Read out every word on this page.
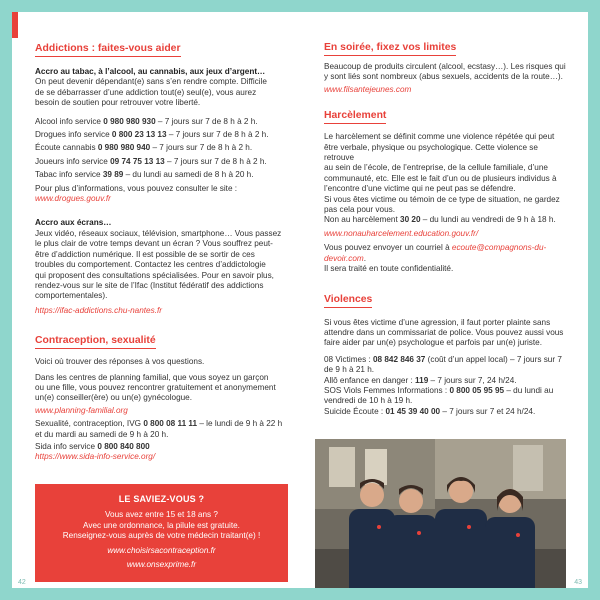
Addictions : faites-vous aider

Accro au tabac, à l’alcool, au cannabis, aux jeux d’argent…

On peut devenir dépendant(e) sans s’en rendre compte. Difficile

de se débarrasser d’une addiction tout(e) seul(e), vous aurez

besoin de soutien pour retrouver votre liberté.

Alcool info service 0 980 980 930 – 7 jours sur 7 de 8 h à 2 h.

Drogues info service 0 800 23 13 13 – 7 jours sur 7 de 8 h à 2 h.

Écoute cannabis 0 980 980 940 – 7 jours sur 7 de 8 h à 2 h.

Joueurs info service 09 74 75 13 13 – 7 jours sur 7 de 8 h à 2 h.

Tabac info service 39 89 – du lundi au samedi de 8 h à 20 h.

Pour plus d’informations, vous pouvez consulter le site :

www.drogues.gouv.fr

Accro aux écrans…

Jeux vidéo, réseaux sociaux, télévision, smartphone… Vous passez

le plus clair de votre temps devant un écran ? Vous souffrez peut-

être d’addiction numérique. Il est possible de se sortir de ces

troubles du comportement. Contactez les centres d’addictologie

qui proposent des consultations spécialisées. Pour en savoir plus,

rendez-vous sur le site de l’Ifac (Institut fédératif des addictions

comportementales).

https://ifac-addictions.chu-nantes.fr

Contraception, sexualité

Voici où trouver des réponses à vos questions.

Dans les centres de planning familial, que vous soyez un garçon

ou une fille, vous pouvez rencontrer gratuitement et anonymement

un(e) conseiller(ère) ou un(e) gynécologue.

www.planning-familial.org

Sexualité, contraception, IVG 0 800 08 11 11 – le lundi de 9 h à 22 h

et du mardi au samedi de 9 h à 20 h.

Sida info service 0 800 840 800

https://www.sida-info-service.org/

LE SAVIEZ-VOUS ?

Vous avez entre 15 et 18 ans ?

Avec une ordonnance, la pilule est gratuite.

Renseignez-vous auprès de votre médecin traitant(e) !

www.choisirsacontraception.fr

www.onsexprime.fr

42
En soirée, fixez vos limites

Beaucoup de produits circulent (alcool, ecstasy…). Les risques qui

y sont liés sont nombreux (abus sexuels, accidents de la route…).

www.filsantejeunes.com

Harcèlement

Le harcèlement se définit comme une violence répétée qui peut

être verbale, physique ou psychologique. Cette violence se retrouve

au sein de l’école, de l’entreprise, de la cellule familiale, d’une

communauté, etc. Elle est le fait d’un ou de plusieurs individus à

l’encontre d’une victime qui ne peut pas se défendre.

Si vous êtes victime ou témoin de ce type de situation, ne gardez

pas cela pour vous.

Non au harcèlement 30 20 – du lundi au vendredi de 9 h à 18 h.

www.nonauharcelement.education.gouv.fr/

Vous pouvez envoyer un courriel à ecoute@compagnons-du-devoir.com.

Il sera traité en toute confidentialité.

Violences

Si vous êtes victime d’une agression, il faut porter plainte sans

attendre dans un commissariat de police. Vous pouvez aussi vous

faire aider par un(e) psychologue et parfois par un(e) juriste.

08 Victimes : 08 842 846 37 (coût d’un appel local) – 7 jours sur 7

de 9 h à 21 h.

Allô enfance en danger : 119 – 7 jours sur 7, 24 h/24.

SOS Viols Femmes Informations : 0 800 05 95 95 – du lundi au

vendredi de 10 h à 19 h.

Suicide Écoute : 01 45 39 40 00 – 7 jours sur 7 et 24 h/24.

43
